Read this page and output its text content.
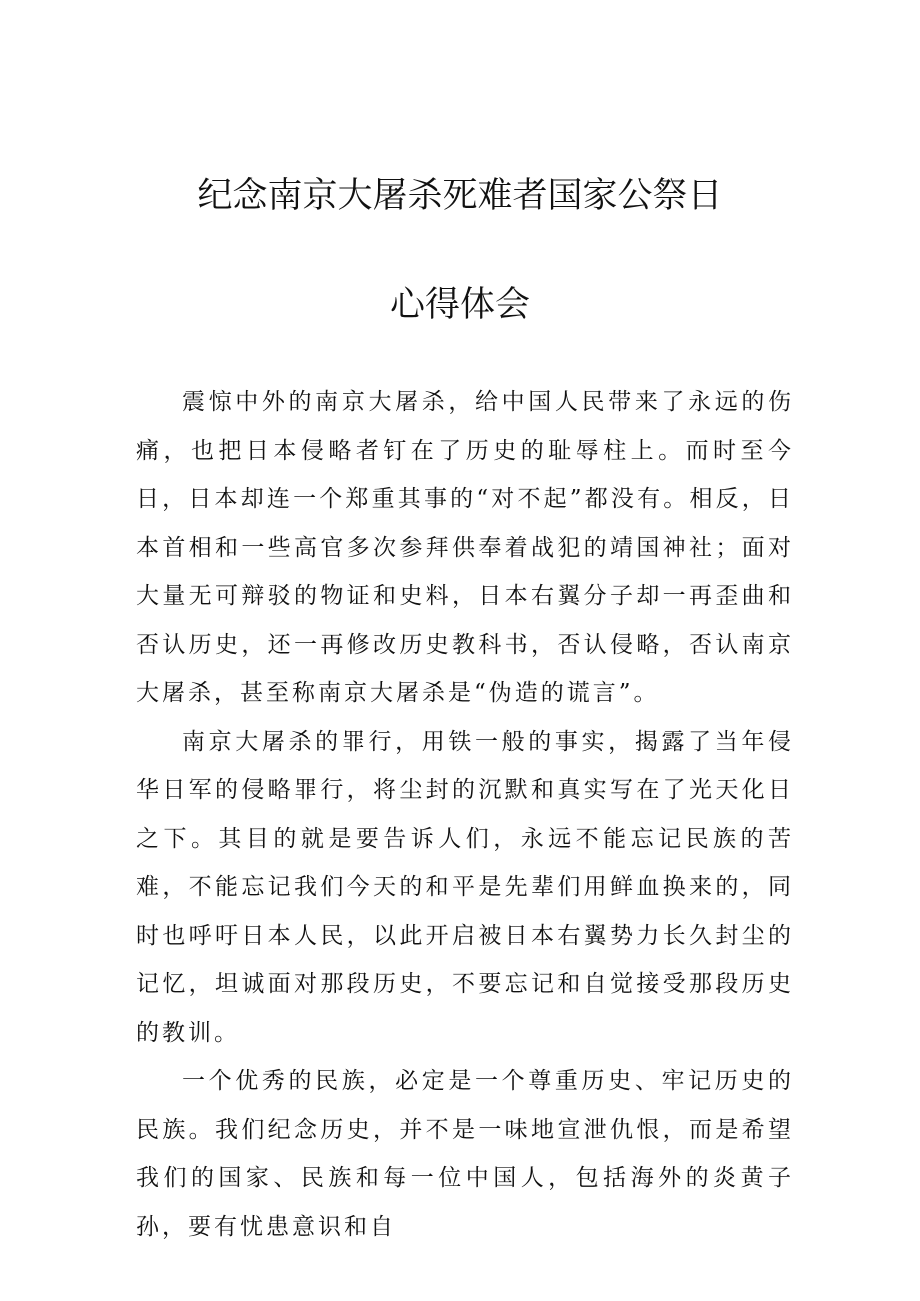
纪念南京大屠杀死难者国家公祭日
心得体会

震惊中外的南京大屠杀，给中国人民带来了永远的伤痛，也把日本侵略者钉在了历史的耻辱柱上。而时至今日，日本却连一个郑重其事的“对不起”都没有。相反，日本首相和一些高官多次参拜供奉着战犯的靖国神社；面对大量无可辩驳的物证和史料，日本右翼分子却一再歪曲和否认历史，还一再修改历史教科书，否认侵略，否认南京大屠杀，甚至称南京大屠杀是“伪造的谎言”。

南京大屠杀的罪行，用铁一般的事实，揭露了当年侵华日军的侵略罪行，将尘封的沉默和真实写在了光天化日之下。其目的就是要告诉人们，永远不能忘记民族的苦难，不能忘记我们今天的和平是先辈们用鲜血换来的，同时也呼吁日本人民，以此开启被日本右翼势力长久封尘的记忆，坦诚面对那段历史，不要忘记和自觉接受那段历史的教训。

一个优秀的民族，必定是一个尊重历史、牢记历史的民族。我们纪念历史，并不是一味地宣泄仇恨，而是希望我们的国家、民族和每一位中国人，包括海外的炎黄子孙，要有忧患意识和自
